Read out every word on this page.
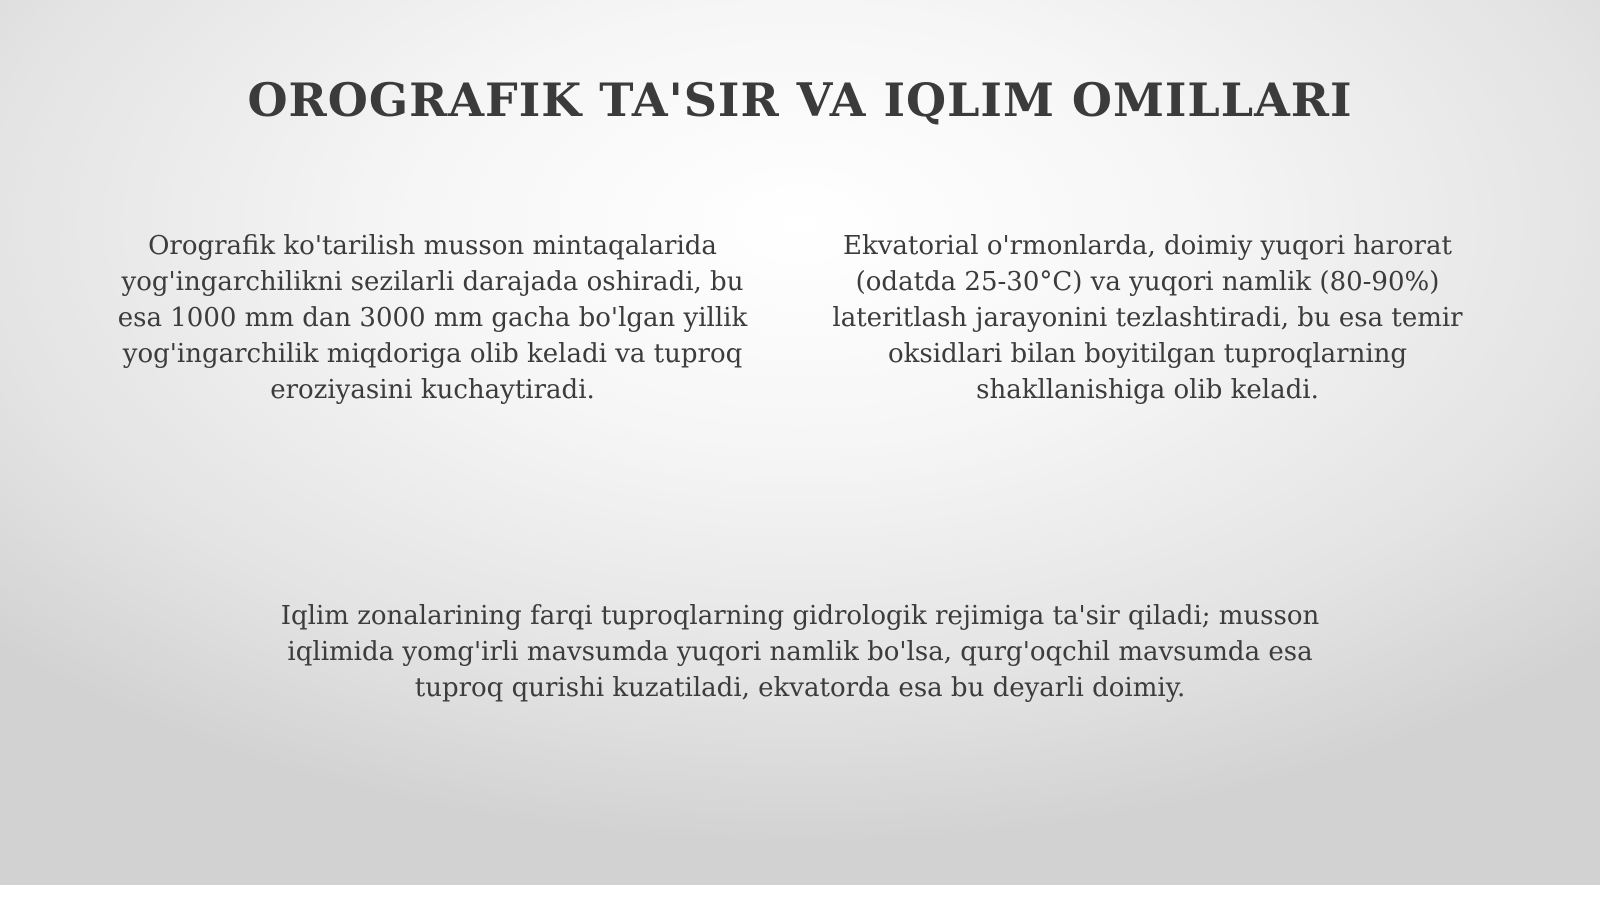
OROGRAFIK TA'SIR VA IQLIM OMILLARI

Orografik ko'tarilish musson mintaqalarida yog'ingarchilikni sezilarli darajada oshiradi, bu esa 1000 mm dan 3000 mm gacha bo'lgan yillik yog'ingarchilik miqdoriga olib keladi va tuproq eroziyasini kuchaytiradi.

Ekvatorial o'rmonlarda, doimiy yuqori harorat (odatda 25-30°C) va yuqori namlik (80-90%) lateritlash jarayonini tezlashtiradi, bu esa temir oksidlari bilan boyitilgan tuproqlarning shakllanishiga olib keladi.

Iqlim zonalarining farqi tuproqlarning gidrologik rejimiga ta'sir qiladi; musson iqlimida yomg'irli mavsumda yuqori namlik bo'lsa, qurg'oqchil mavsumda esa tuproq qurishi kuzatiladi, ekvatorda esa bu deyarli doimiy.
